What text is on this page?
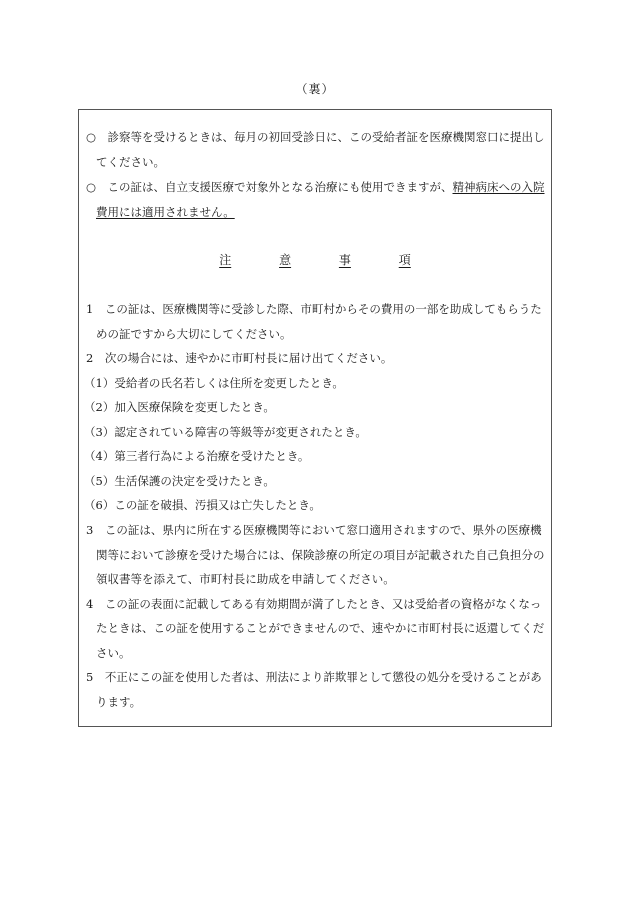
（裏）
○ 　診察等を受けるときは、毎月の初回受診日に、この受給者証を医療機関窓口に提出し
てください。
○ 　この証は、自立支援医療で対象外となる治療にも使用できますが、精神病床への入院
費用には適用されません。
注	意	事	項
1　この証は、医療機関等に受診した際、市町村からその費用の一部を助成してもらうた
めの証ですから大切にしてください。
2　次の場合には、速やかに市町村長に届け出てください。
（1）受給者の氏名若しくは住所を変更したとき。
（2）加入医療保険を変更したとき。
（3）認定されている障害の等級等が変更されたとき。
（4）第三者行為による治療を受けたとき。
（5）生活保護の決定を受けたとき。
（6）この証を破損、汚損又は亡失したとき。
3　この証は、県内に所在する医療機関等において窓口適用されますので、県外の医療機
関等において診療を受けた場合には、保険診療の所定の項目が記載された自己負担分の
領収書等を添えて、市町村長に助成を申請してください。
4　この証の表面に記載してある有効期間が満了したとき、又は受給者の資格がなくなっ
たときは、この証を使用することができませんので、速やかに市町村長に返還してくだ
さい。
5　不正にこの証を使用した者は、刑法により詐欺罪として懲役の処分を受けることがあ
ります。
